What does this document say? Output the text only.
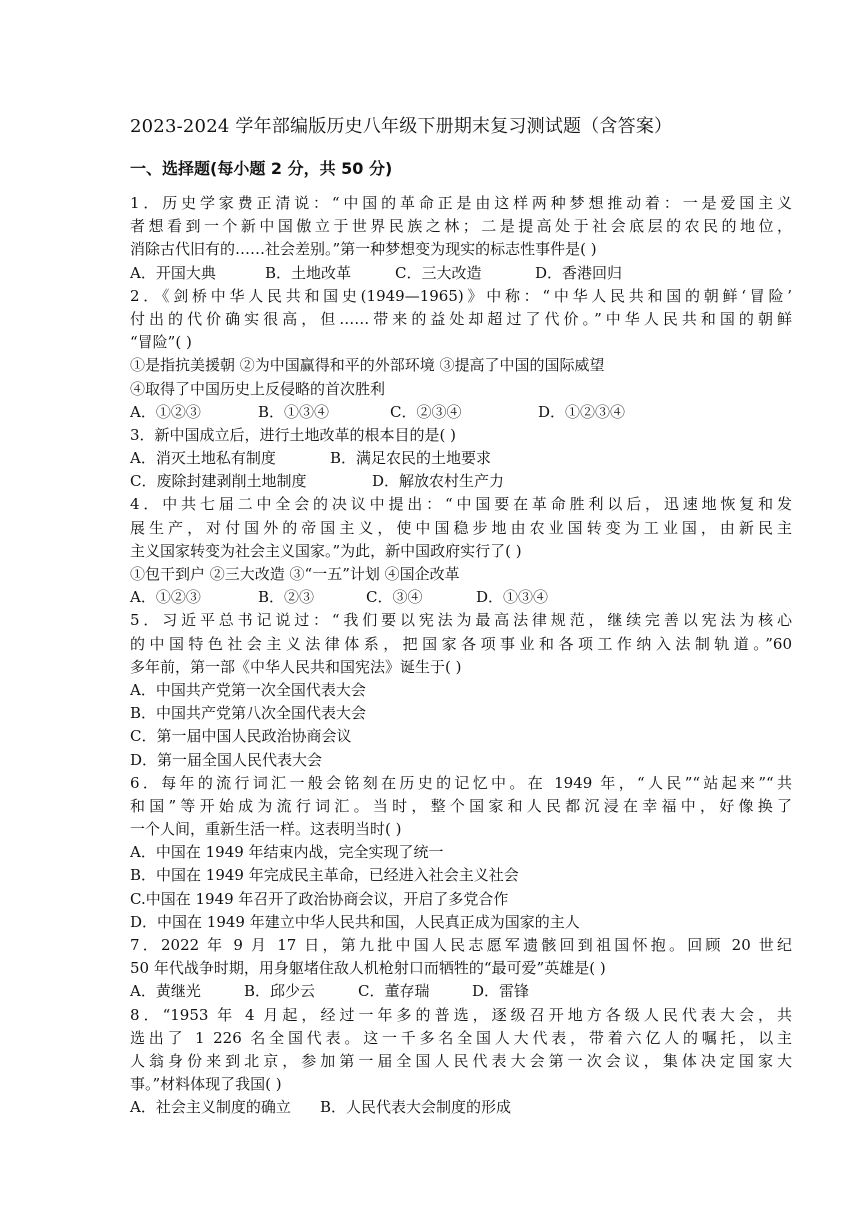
2023-2024 学年部编版历史八年级下册期末复习测试题（含答案）
一、选择题(每小题 2 分，共 50 分)
1．历史学家费正清说：“中国的革命正是由这样两种梦想推动着：一是爱国主义
者想看到一个新中国傲立于世界民族之林；二是提高处于社会底层的农民的地位，
消除古代旧有的……社会差别。”第一种梦想变为现实的标志性事件是( )
A．开国大典	B．土地改革	C．三大改造	D．香港回归
2．《剑桥中华人民共和国史(1949—1965)》中称：“中华人民共和国的朝鲜‘冒险’
付出的代价确实很高，但……带来的益处却超过了代价。”中华人民共和国的朝鲜
“冒险”( )
①是指抗美援朝 ②为中国赢得和平的外部环境 ③提高了中国的国际威望
④取得了中国历史上反侵略的首次胜利
A．①②③	B．①③④	C．②③④	D．①②③④
3．新中国成立后，进行土地改革的根本目的是( )
A．消灭土地私有制度	B．满足农民的土地要求
C．废除封建剥削土地制度	D．解放农村生产力
4．中共七届二中全会的决议中提出：“中国要在革命胜利以后，迅速地恢复和发
展生产，对付国外的帝国主义，使中国稳步地由农业国转变为工业国，由新民主
主义国家转变为社会主义国家。”为此，新中国政府实行了( )
①包干到户 ②三大改造 ③“一五”计划 ④国企改革
A．①②③	B．②③	C．③④	D．①③④
5．习近平总书记说过：“我们要以宪法为最高法律规范，继续完善以宪法为核心
的中国特色社会主义法律体系，把国家各项事业和各项工作纳入法制轨道。”60
多年前，第一部《中华人民共和国宪法》诞生于( )
A．中国共产党第一次全国代表大会
B．中国共产党第八次全国代表大会
C．第一届中国人民政治协商会议
D．第一届全国人民代表大会
6．每年的流行词汇一般会铭刻在历史的记忆中。在 1949 年，“人民”“站起来”“共
和国”等开始成为流行词汇。当时，整个国家和人民都沉浸在幸福中，好像换了
一个人间，重新生活一样。这表明当时( )
A．中国在 1949 年结束内战，完全实现了统一
B．中国在 1949 年完成民主革命，已经进入社会主义社会
C.中国在 1949 年召开了政治协商会议，开启了多党合作
D．中国在 1949 年建立中华人民共和国，人民真正成为国家的主人
7．2022 年 9 月 17 日，第九批中国人民志愿军遗骸回到祖国怀抱。回顾 20 世纪
50 年代战争时期，用身躯堵住敌人机枪射口而牺牲的“最可爱”英雄是( )
A．黄继光	B．邱少云	C．董存瑞	D．雷锋
8．“1953 年 4 月起，经过一年多的普选，逐级召开地方各级人民代表大会，共
选出了 1 226 名全国代表。这一千多名全国人大代表，带着六亿人的嘱托，以主
人翁身份来到北京，参加第一届全国人民代表大会第一次会议，集体决定国家大
事。”材料体现了我国( )
A．社会主义制度的确立	B．人民代表大会制度的形成
